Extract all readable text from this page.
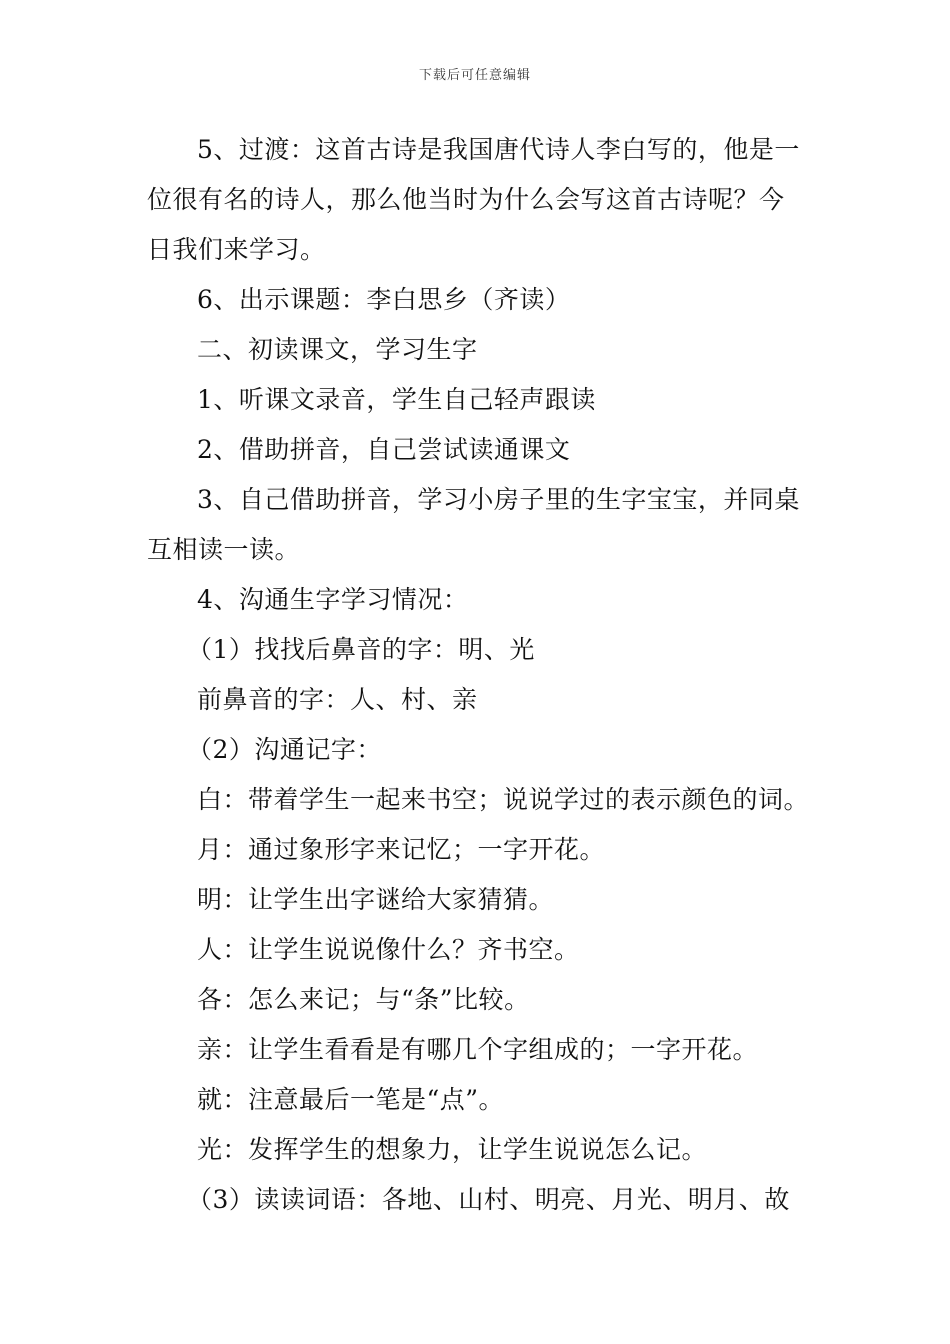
下载后可任意编辑
5、过渡：这首古诗是我国唐代诗人李白写的，他是一
位很有名的诗人，那么他当时为什么会写这首古诗呢？今
日我们来学习。
6、出示课题：李白思乡（齐读）
二、初读课文，学习生字
1、听课文录音，学生自己轻声跟读
2、借助拼音，自己尝试读通课文
3、自己借助拼音，学习小房子里的生字宝宝，并同桌
互相读一读。
4、沟通生字学习情况：
（1）找找后鼻音的字：明、光
前鼻音的字：人、村、亲
（2）沟通记字：
白：带着学生一起来书空；说说学过的表示颜色的词。
月：通过象形字来记忆；一字开花。
明：让学生出字谜给大家猜猜。
人：让学生说说像什么？齐书空。
各：怎么来记；与“条”比较。
亲：让学生看看是有哪几个字组成的；一字开花。
就：注意最后一笔是“点”。
光：发挥学生的想象力，让学生说说怎么记。
（3）读读词语：各地、山村、明亮、月光、明月、故
